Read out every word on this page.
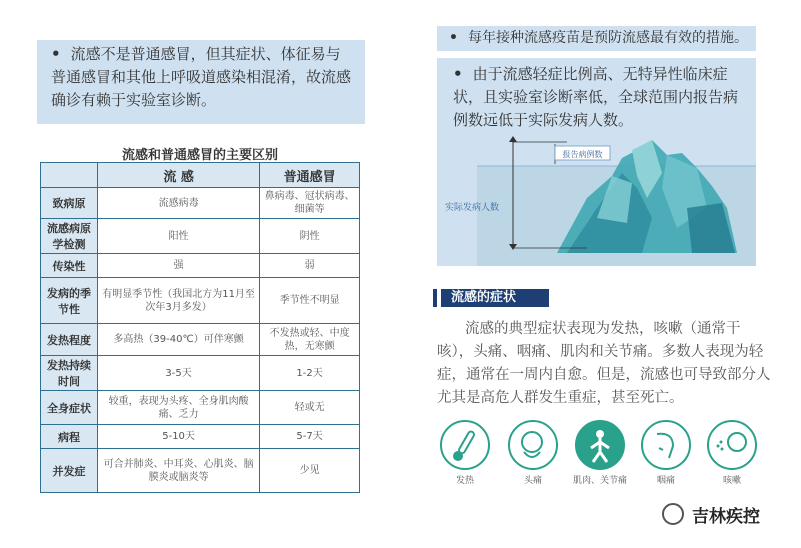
• 流感不是普通感冒，但其症状、体征易与普通感冒和其他上呼吸道感染相混淆，故流感确诊有赖于实验室诊断。
流感和普通感冒的主要区别
	流 感	普通感冒
致病原	流感病毒	鼻病毒、冠状病毒、细菌等
流感病原学检测	阳性	阴性
传染性	强	弱
发病的季节性	有明显季节性（我国北方为11月至次年3月多发）	季节性不明显
发热程度	多高热（39-40℃）可伴寒颤	不发热或轻、中度热，无寒颤
发热持续时间	3-5天	1-2天
全身症状	较重，表现为头疼、全身肌肉酸痛、乏力	轻或无
病程	5-10天	5-7天
并发症	可合并肺炎、中耳炎、心肌炎、脑膜炎或脑炎等	少见
• 每年接种流感疫苗是预防流感最有效的措施。
• 由于流感轻症比例高、无特异性临床症状，且实验室诊断率低，全球范围内报告病例数远低于实际发病人数。
报告病例数
实际发病人数
流感的症状
流感的典型症状表现为发热，咳嗽（通常干咳），头痛、咽痛、肌肉和关节痛。多数人表现为轻症，通常在一周内自愈。但是，流感也可导致部分人尤其是高危人群发生重症，甚至死亡。
发热	头痛	肌肉、关节痛	咽痛	咳嗽
吉林疾控
